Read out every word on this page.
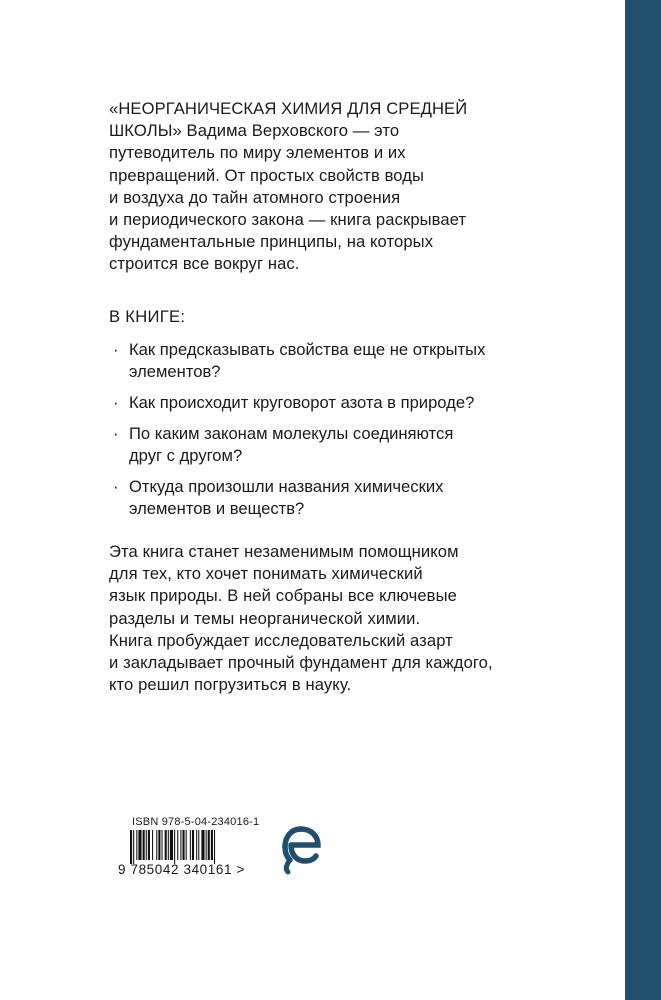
«НЕОРГАНИЧЕСКАЯ ХИМИЯ ДЛЯ СРЕДНЕЙ
ШКОЛЫ» Вадима Верховского — это
путеводитель по миру элементов и их
превращений. От простых свойств воды
и воздуха до тайн атомного строения
и периодического закона — книга раскрывает
фундаментальные принципы, на которых
строится все вокруг нас.
В КНИГЕ:
· Как предсказывать свойства еще не открытых
элементов?
· Как происходит круговорот азота в природе?
· По каким законам молекулы соединяются
друг с другом?
· Откуда произошли названия химических
элементов и веществ?
Эта книга станет незаменимым помощником
для тех, кто хочет понимать химический
язык природы. В ней собраны все ключевые
разделы и темы неорганической химии.
Книга пробуждает исследовательский азарт
и закладывает прочный фундамент для каждого,
кто решил погрузиться в науку.
ISBN 978-5-04-234016-1
9 785042 340161 >
